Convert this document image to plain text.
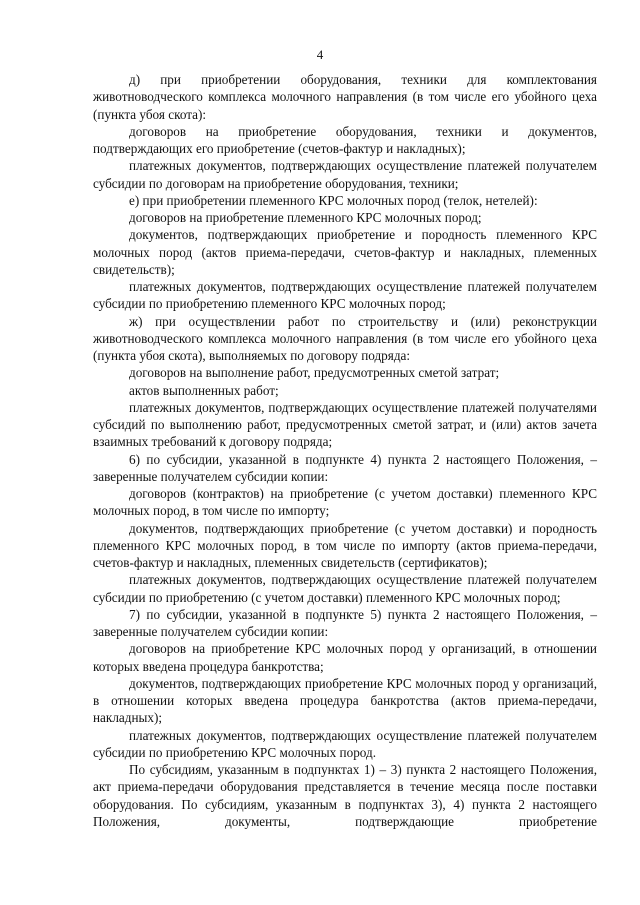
4

д) при приобретении оборудования, техники для комплектования животноводческого комплекса молочного направления (в том числе его убойного цеха (пункта убоя скота):

договоров на приобретение оборудования, техники и документов, подтверждающих его приобретение (счетов-фактур и накладных);

платежных документов, подтверждающих осуществление платежей получателем субсидии по договорам на приобретение оборудования, техники;

е) при приобретении племенного КРС молочных пород (телок, нетелей):

договоров на приобретение племенного КРС молочных пород;

документов, подтверждающих приобретение и породность племенного КРС молочных пород (актов приема-передачи, счетов-фактур и накладных, племенных свидетельств);

платежных документов, подтверждающих осуществление платежей получателем субсидии по приобретению племенного КРС молочных пород;

ж) при осуществлении работ по строительству и (или) реконструкции животноводческого комплекса молочного направления (в том числе его убойного цеха (пункта убоя скота), выполняемых по договору подряда:

договоров на выполнение работ, предусмотренных сметой затрат;

актов выполненных работ;

платежных документов, подтверждающих осуществление платежей получателями субсидий по выполнению работ, предусмотренных сметой затрат, и (или) актов зачета взаимных требований к договору подряда;

6) по субсидии, указанной в подпункте 4) пункта 2 настоящего Положения, – заверенные получателем субсидии копии:

договоров (контрактов) на приобретение (с учетом доставки) племенного КРС молочных пород, в том числе по импорту;

документов, подтверждающих приобретение (с учетом доставки) и породность племенного КРС молочных пород, в том числе по импорту (актов приема-передачи, счетов-фактур и накладных, племенных свидетельств (сертификатов);

платежных документов, подтверждающих осуществление платежей получателем субсидии по приобретению (с учетом доставки) племенного КРС молочных пород;

7) по субсидии, указанной в подпункте 5) пункта 2 настоящего Положения, – заверенные получателем субсидии копии:

договоров на приобретение КРС молочных пород у организаций, в отношении которых введена процедура банкротства;

документов, подтверждающих приобретение КРС молочных пород у организаций, в отношении которых введена процедура банкротства (актов приема-передачи, накладных);

платежных документов, подтверждающих осуществление платежей получателем субсидии по приобретению КРС молочных пород.

По субсидиям, указанным в подпунктах 1) – 3) пункта 2 настоящего Положения, акт приема-передачи оборудования представляется в течение месяца после поставки оборудования. По субсидиям, указанным в подпунктах 3), 4) пункта 2 настоящего Положения, документы, подтверждающие приобретение
